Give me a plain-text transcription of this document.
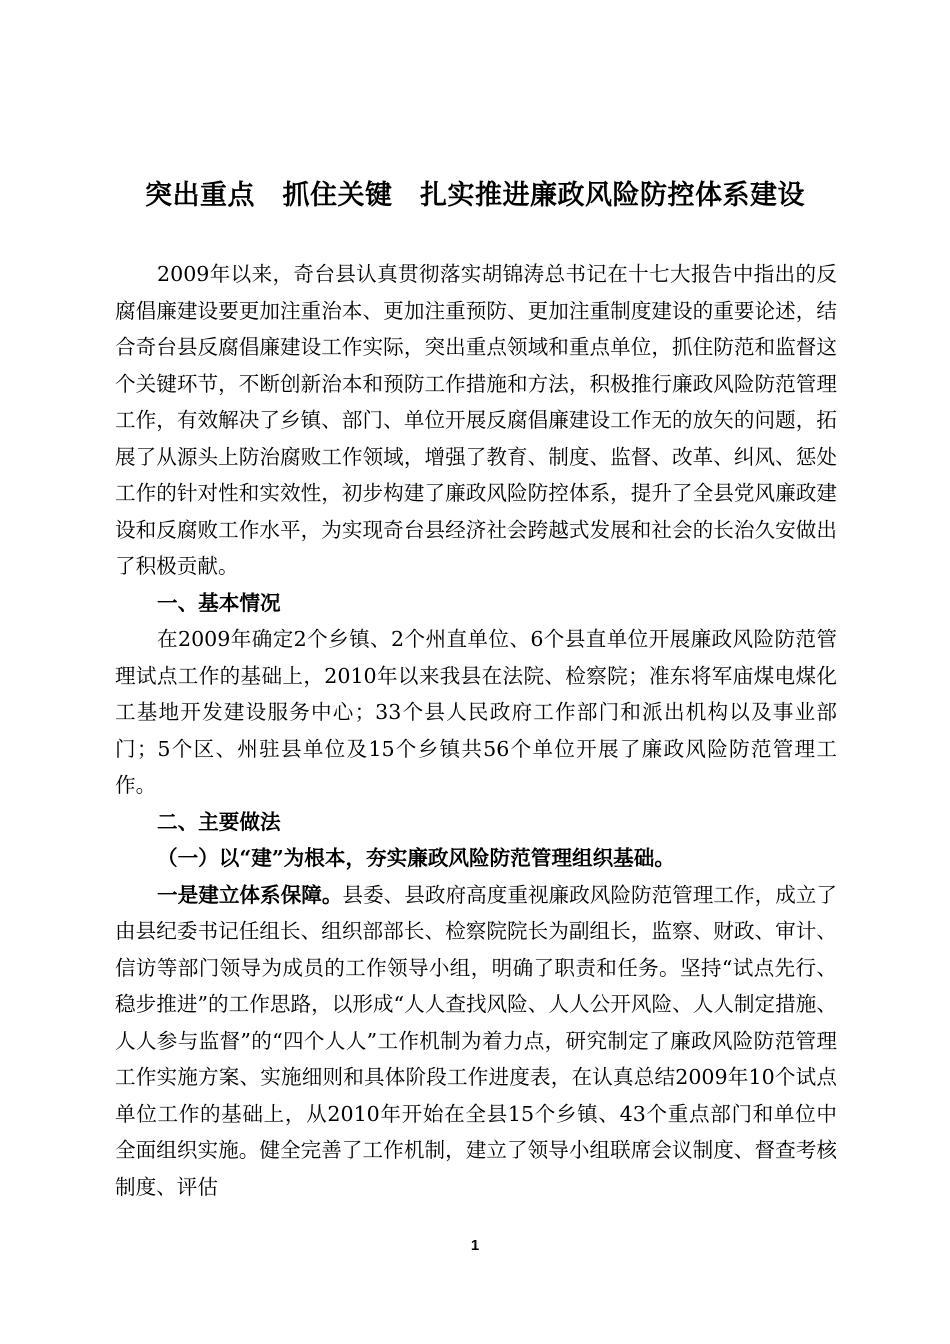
突出重点　抓住关键　扎实推进廉政风险防控体系建设

2009年以来，奇台县认真贯彻落实胡锦涛总书记在十七大报告中指出的反腐倡廉建设要更加注重治本、更加注重预防、更加注重制度建设的重要论述，结合奇台县反腐倡廉建设工作实际，突出重点领域和重点单位，抓住防范和监督这个关键环节，不断创新治本和预防工作措施和方法，积极推行廉政风险防范管理工作，有效解决了乡镇、部门、单位开展反腐倡廉建设工作无的放矢的问题，拓展了从源头上防治腐败工作领域，增强了教育、制度、监督、改革、纠风、惩处工作的针对性和实效性，初步构建了廉政风险防控体系，提升了全县党风廉政建设和反腐败工作水平，为实现奇台县经济社会跨越式发展和社会的长治久安做出了积极贡献。

一、基本情况

在2009年确定2个乡镇、2个州直单位、6个县直单位开展廉政风险防范管理试点工作的基础上，2010年以来我县在法院、检察院；准东将军庙煤电煤化工基地开发建设服务中心；33个县人民政府工作部门和派出机构以及事业部门；5个区、州驻县单位及15个乡镇共56个单位开展了廉政风险防范管理工作。

二、主要做法

（一）以“建”为根本，夯实廉政风险防范管理组织基础。

一是建立体系保障。县委、县政府高度重视廉政风险防范管理工作，成立了由县纪委书记任组长、组织部部长、检察院院长为副组长，监察、财政、审计、信访等部门领导为成员的工作领导小组，明确了职责和任务。坚持“试点先行、稳步推进”的工作思路，以形成“人人查找风险、人人公开风险、人人制定措施、人人参与监督”的“四个人人”工作机制为着力点，研究制定了廉政风险防范管理工作实施方案、实施细则和具体阶段工作进度表，在认真总结2009年10个试点单位工作的基础上，从2010年开始在全县15个乡镇、43个重点部门和单位中全面组织实施。健全完善了工作机制，建立了领导小组联席会议制度、督查考核制度、评估

1
